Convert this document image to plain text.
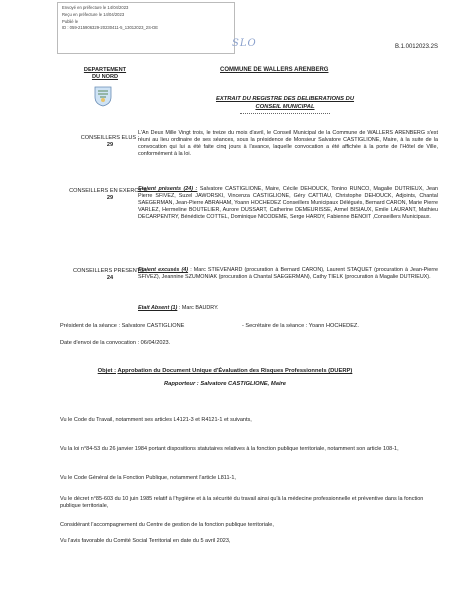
Envoyé en préfecture le 14/04/2023
Reçu en préfecture le 14/04/2023
Publié le
ID : 059-215906329-20230411-5_13012023_2S-DE
SLO	B.1.0012023.2S
DEPARTEMENT
DU NORD
COMMUNE DE WALLERS ARENBERG
EXTRAIT DU REGISTRE DES DELIBERATIONS DU
CONSEIL MUNICIPAL
CONSEILLERS ELUS :
29
L'An Deux Mille Vingt trois, le treize du mois d'avril, le Conseil Municipal de la Commune de WALLERS ARENBERG s'est réuni au lieu ordinaire de ses séances, sous la présidence de Monsieur Salvatore CASTIGLIONE, Maire, à la suite de la convocation qui lui a été faite cinq jours à l'avance, laquelle convocation a été affichée à la porte de l'Hôtel de Ville, conformément à la loi.
CONSEILLERS EN EXERCICE :
29
Etaient présents (24) : Salvatore CASTIGLIONE, Maire, Cécile DEHOUCK, Tonino RUNCO, Magalie DUTRIEUX, Jean Pierre SFIVEZ, Suzel JAWORSKI, Vincenza CASTIGLIONE, Géry CATTIAU, Christophe DEHOUCK, Adjoints, Chantal SAEGERMAN, Jean-Pierre ABRAHAM, Yoann HOCHEDEZ Conseillers Municipaux Délégués, Bernard CARON, Marie Pierre VARLEZ, Hermeline BOUTELIER, Aurore DUSSART, Catherine DEMEURISSE, Armel BISIAUX, Emile LAURANT, Mathieu DECARPENTRY, Bénédicte COTTEL, Dominique NICODEME, Serge HARDY, Fabienne BENOIT ,Conseillers Municipaux.
CONSEILLERS PRESENTS :
24
Etaient excusés (4) : Marc STIEVENARD (procuration à Bernard CARON), Laurent STAQUET (procuration à Jean-Pierre SFIVEZ), Jeannine SZUMONIAK (procuration à Chantal SAEGERMAN), Cathy TIELK (procuration à Magalie DUTRIEUX).
Etait Absent (1) : Marc BAUDRY.
Président de la séance : Salvatore CASTIGLIONE	- Secrétaire de la séance : Yoann HOCHEDEZ.
Date d'envoi de la convocation : 06/04/2023.
Objet : Approbation du Document Unique d'Évaluation des Risques Professionnels (DUERP)
Rapporteur : Salvatore CASTIGLIONE, Maire
Vu le Code du Travail, notamment ses articles L4121-3 et R4121-1 et suivants,
Vu la loi n°84-53 du 26 janvier 1984 portant dispositions statutaires relatives à la fonction publique territoriale, notamment son article 108-1,
Vu le Code Général de la Fonction Publique, notamment l'article L811-1,
Vu le décret n°85-603 du 10 juin 1985 relatif à l'hygiène et à la sécurité du travail ainsi qu'à la médecine professionnelle et préventive dans la fonction publique territoriale,
Considérant l'accompagnement du Centre de gestion de la fonction publique territoriale,
Vu l'avis favorable du Comité Social Territorial en date du 5 avril 2023,
